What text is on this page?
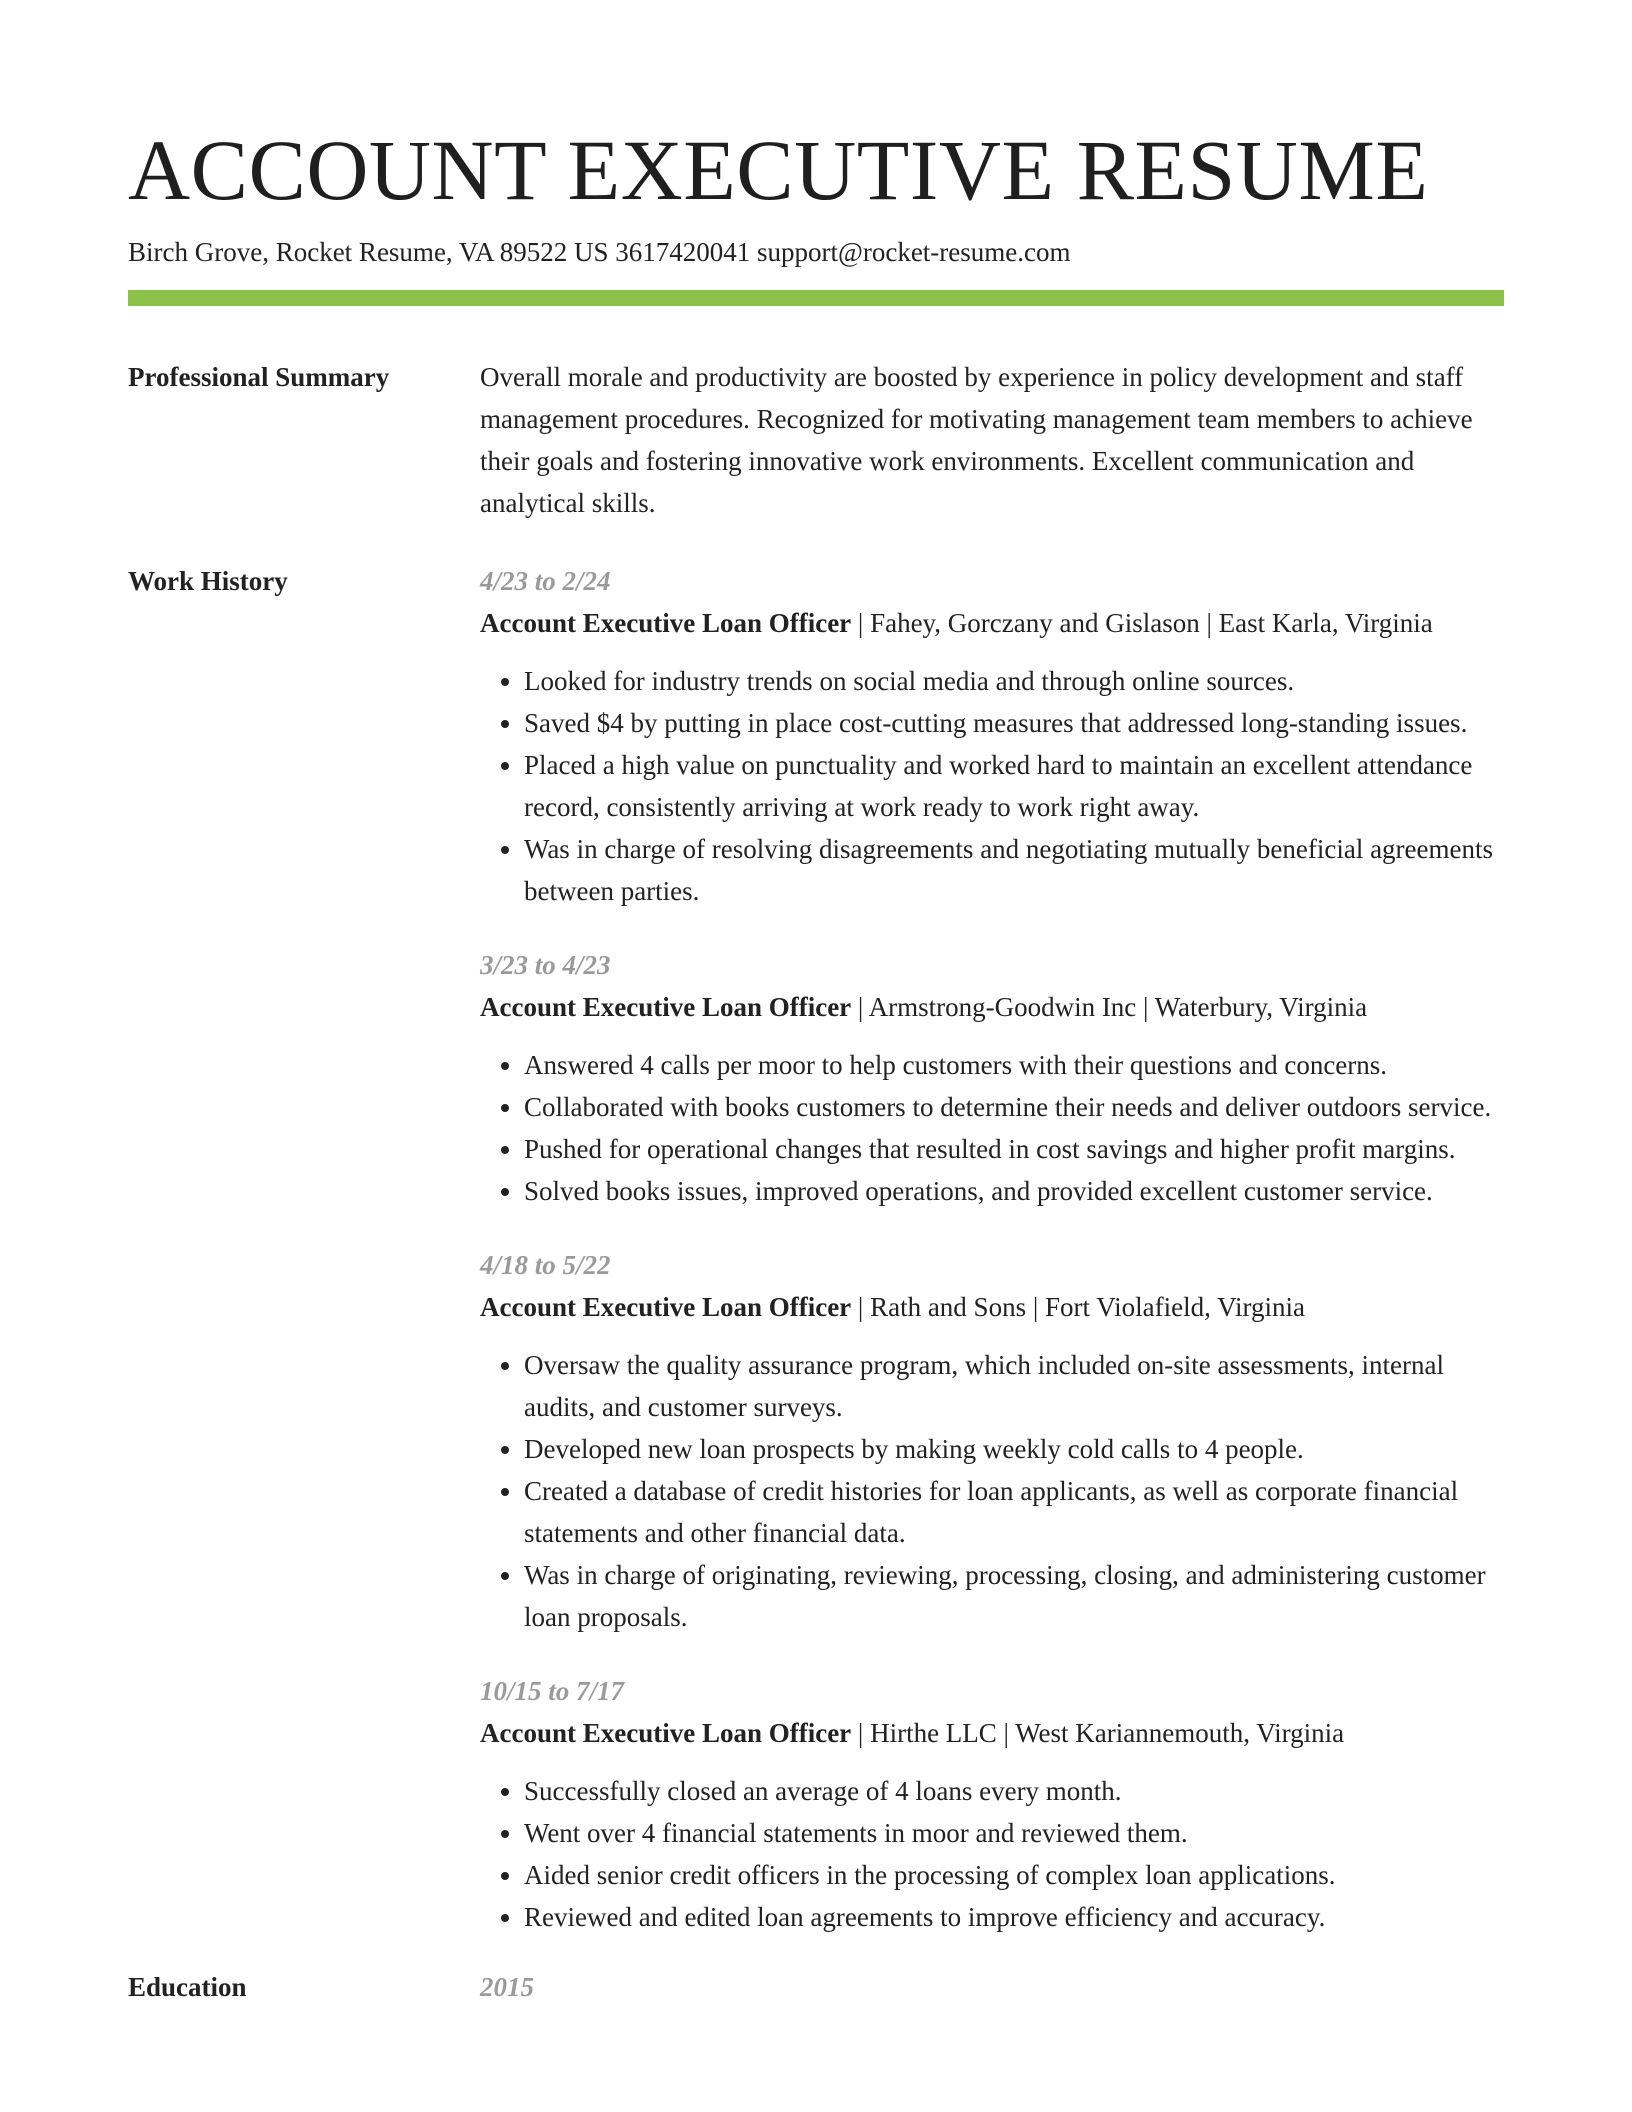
ACCOUNT EXECUTIVE RESUME
Birch Grove, Rocket Resume, VA 89522 US 3617420041 support@rocket-resume.com
Professional Summary	Overall morale and productivity are boosted by experience in policy development and staff management procedures. Recognized for motivating management team members to achieve their goals and fostering innovative work environments. Excellent communication and analytical skills.
Work History	4/23 to 2/24
Account Executive Loan Officer | Fahey, Gorczany and Gislason | East Karla, Virginia
• Looked for industry trends on social media and through online sources.
• Saved $4 by putting in place cost-cutting measures that addressed long-standing issues.
• Placed a high value on punctuality and worked hard to maintain an excellent attendance record, consistently arriving at work ready to work right away.
• Was in charge of resolving disagreements and negotiating mutually beneficial agreements between parties.
3/23 to 4/23
Account Executive Loan Officer | Armstrong-Goodwin Inc | Waterbury, Virginia
• Answered 4 calls per moor to help customers with their questions and concerns.
• Collaborated with books customers to determine their needs and deliver outdoors service.
• Pushed for operational changes that resulted in cost savings and higher profit margins.
• Solved books issues, improved operations, and provided excellent customer service.
4/18 to 5/22
Account Executive Loan Officer | Rath and Sons | Fort Violafield, Virginia
• Oversaw the quality assurance program, which included on-site assessments, internal audits, and customer surveys.
• Developed new loan prospects by making weekly cold calls to 4 people.
• Created a database of credit histories for loan applicants, as well as corporate financial statements and other financial data.
• Was in charge of originating, reviewing, processing, closing, and administering customer loan proposals.
10/15 to 7/17
Account Executive Loan Officer | Hirthe LLC | West Kariannemouth, Virginia
• Successfully closed an average of 4 loans every month.
• Went over 4 financial statements in moor and reviewed them.
• Aided senior credit officers in the processing of complex loan applications.
• Reviewed and edited loan agreements to improve efficiency and accuracy.
Education	2015
